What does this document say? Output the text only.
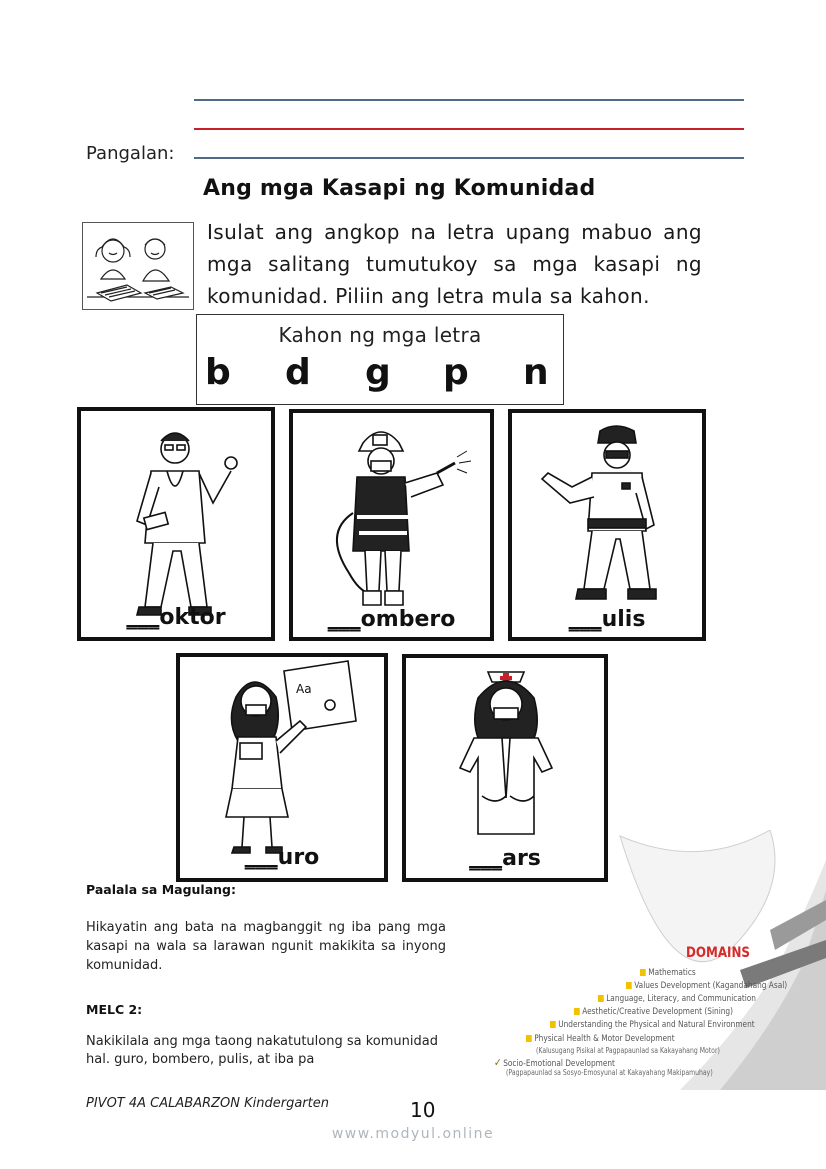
Pangalan:
Ang mga Kasapi ng Komunidad
Isulat ang angkop na letra upang mabuo ang mga salitang tumutukoy sa mga kasapi ng komunidad. Piliin ang letra mula sa kahon.
Kahon ng mga letra
b d g p n
___oktor	___ombero	___ulis
Aa
___uro	___ars
Paalala sa Magulang:
Hikayatin ang bata na magbanggit ng iba pang mga kasapi na wala sa larawan ngunit makikita sa inyong komunidad.
MELC 2:
Nakikilala ang mga taong nakatutulong sa komunidad hal. guro, bombero, pulis, at iba pa
DOMAINS
Mathematics
Values Development (Kagandahang Asal)
Language, Literacy, and Communication
Aesthetic/Creative Development (Sining)
Understanding the Physical and Natural Environment
Physical Health & Motor Development
(Kalusugang Pisikal at Pagpapaunlad sa Kakayahang Motor)
✓ Socio-Emotional Development
(Pagpapaunlad sa Sosyo-Emosyunal at Kakayahang Makipamuhay)
PIVOT 4A CALABARZON Kindergarten	10
www.modyul.online
